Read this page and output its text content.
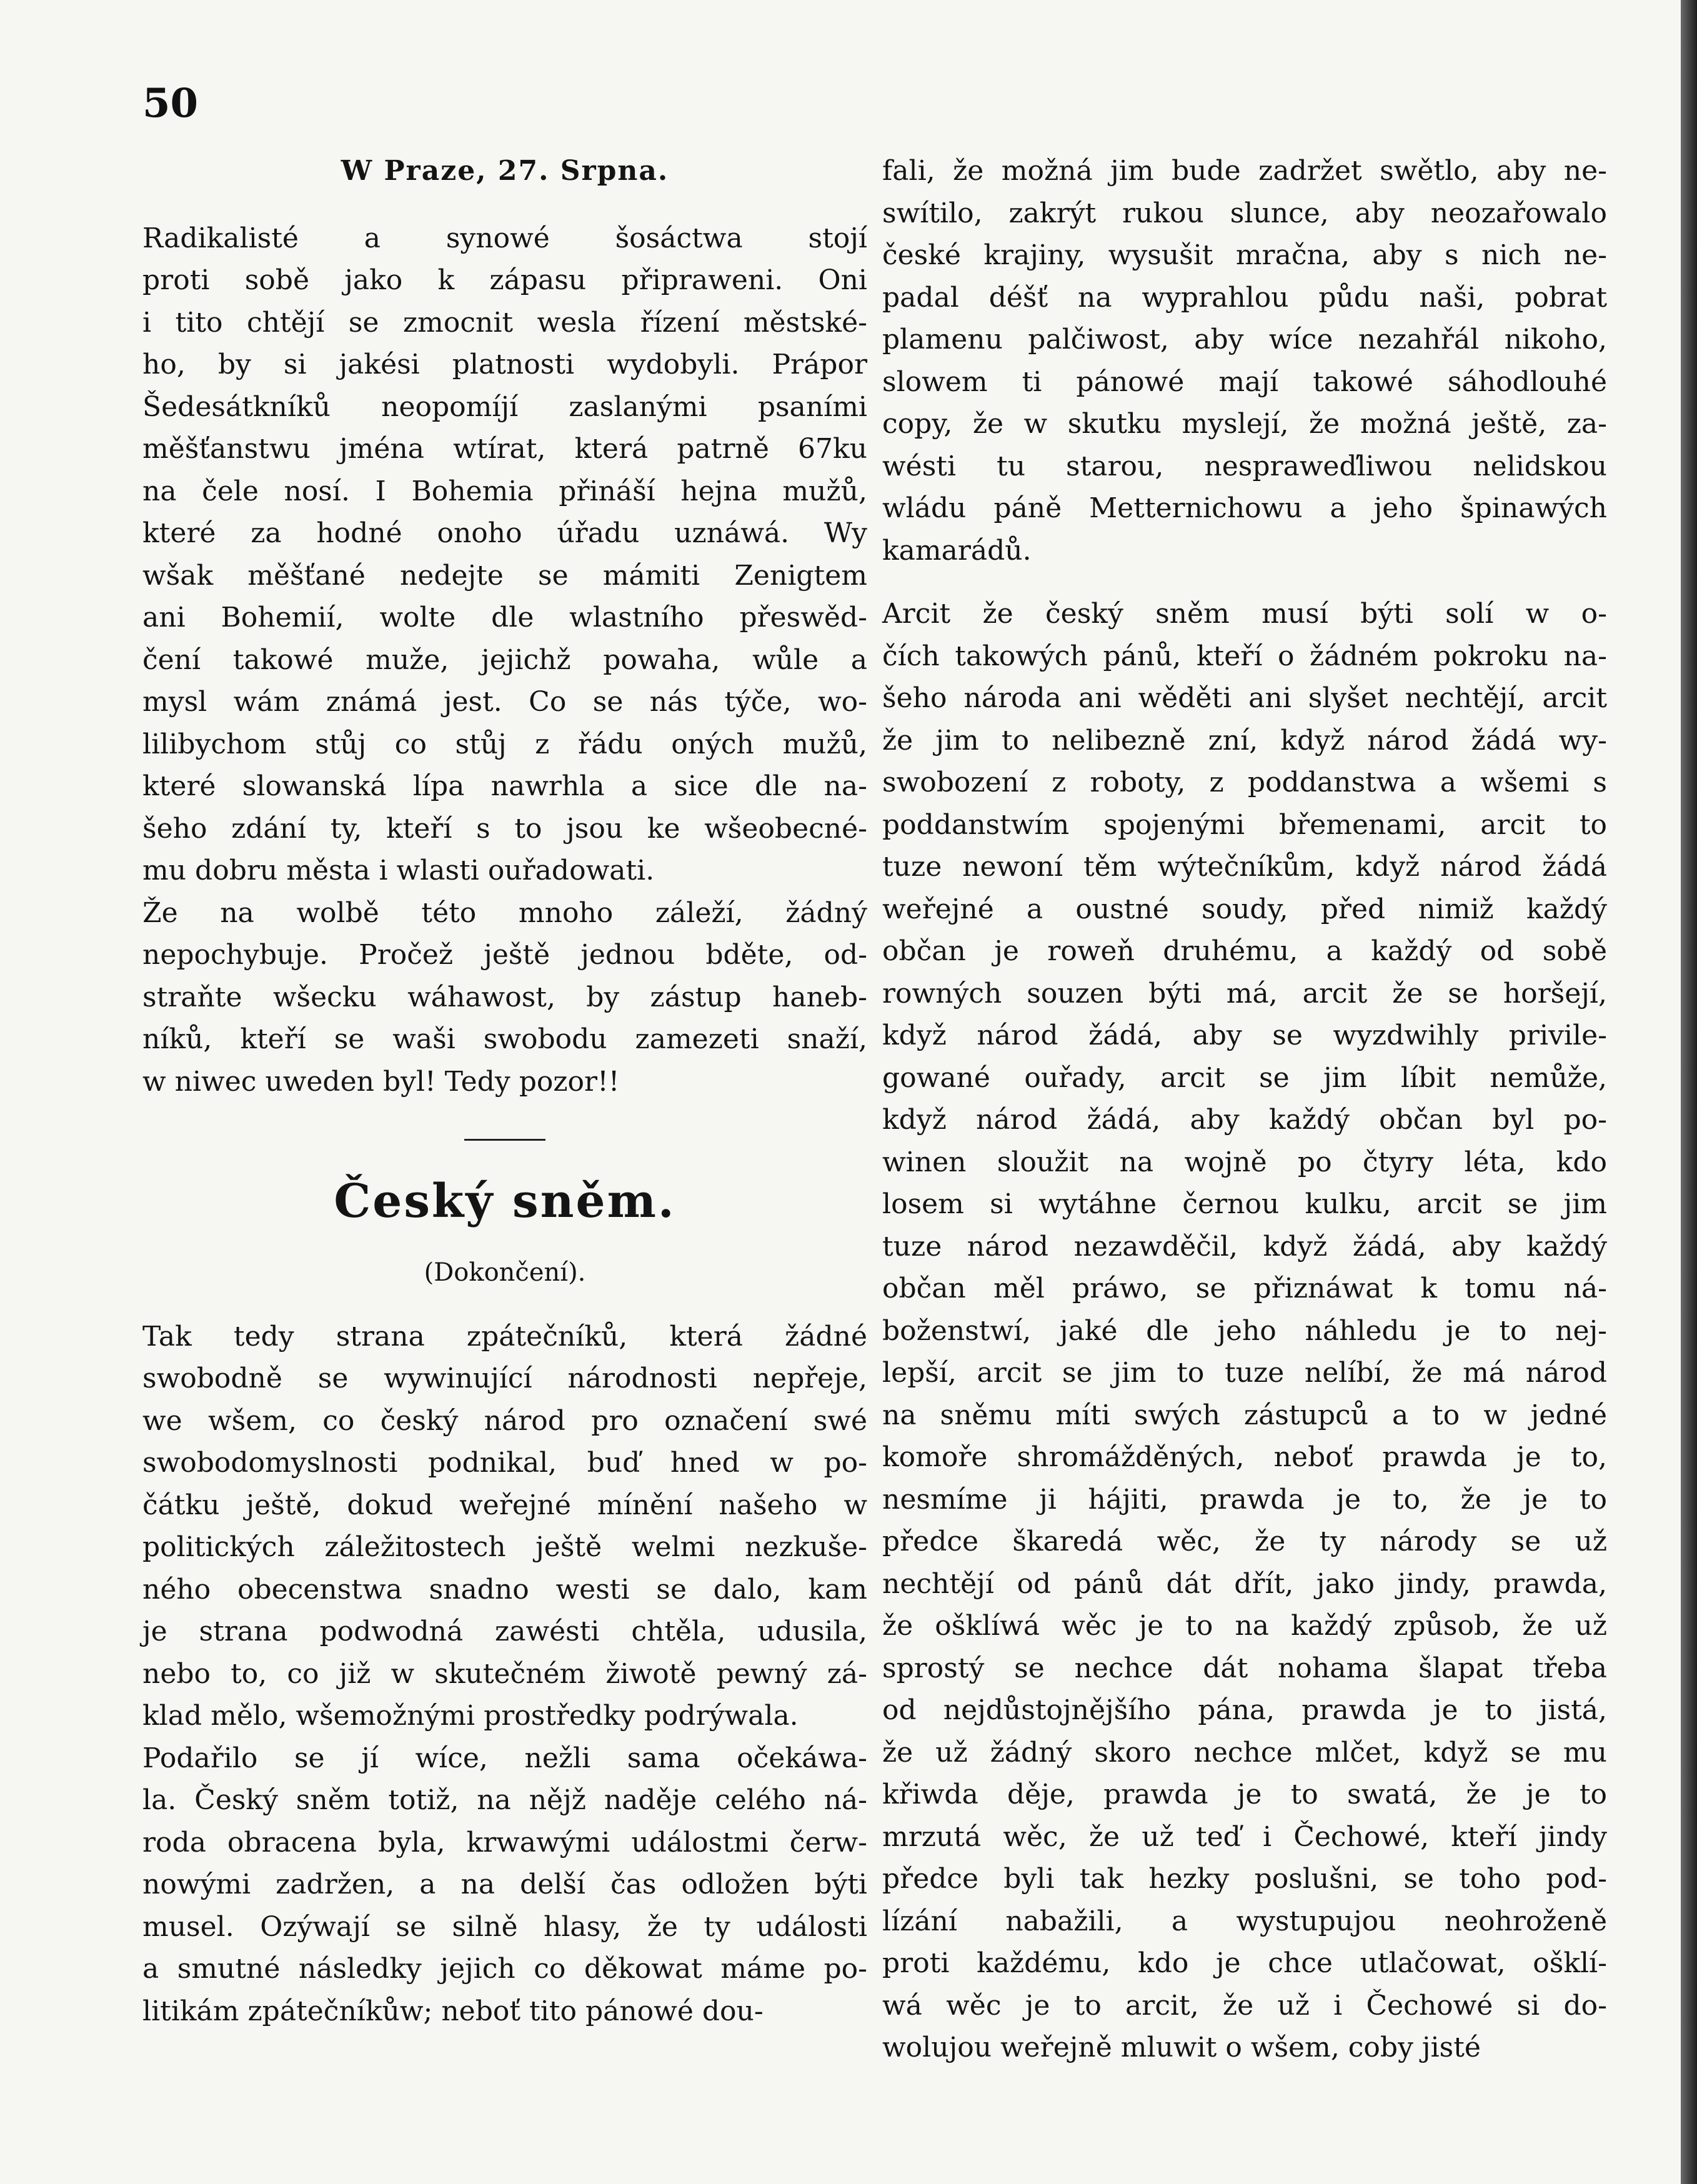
50
W Praze, 27. Srpna.

Radikalisté a synowé šosáctwa stojí
proti sobě jako k zápasu připraweni. Oni
i tito chtějí se zmocnit wesla řízení městské-
ho, by si jakési platnosti wydobyli. Prápor
Šedesátkníků neopomíjí zaslanými psaními
měšťanstwu jména wtírat, která patrně 67ku
na čele nosí. I Bohemia přináší hejna mužů,
které za hodné onoho úřadu uznáwá. Wy
wšak měšťané nedejte se mámiti Zenigtem
ani Bohemií, wolte dle wlastního přeswěd-
čení takowé muže, jejichž powaha, wůle a
mysl wám známá jest. Co se nás týče, wo-
lilibychom stůj co stůj z řádu oných mužů,
které slowanská lípa nawrhla a sice dle na-
šeho zdání ty, kteří s to jsou ke wšeobecné-
mu dobru města i wlasti ouřadowati.

Že na wolbě této mnoho záleží, žádný
nepochybuje. Pročež ještě jednou bděte, od-
straňte wšecku wáhawost, by zástup haneb-
níků, kteří se waši swobodu zamezeti snaží,
w niwec uweden byl! Tedy pozor!!

Český sněm.
(Dokončení).

Tak tedy strana zpátečníků, která žádné
swobodně se wywinující národnosti nepřeje,
we wšem, co český národ pro označení swé
swobodomyslnosti podnikal, buď hned w po-
čátku ještě, dokud weřejné mínění našeho w
politických záležitostech ještě welmi nezkuše-
ného obecenstwa snadno westi se dalo, kam
je strana podwodná zawésti chtěla, udusila,
nebo to, co již w skutečném žiwotě pewný zá-
klad mělo, wšemožnými prostředky podrýwala.

Podařilo se jí wíce, nežli sama očekáwa-
la. Český sněm totiž, na nějž naděje celého ná-
roda obracena byla, krwawými událostmi čerw-
nowými zadržen, a na delší čas odložen býti
musel. Ozýwají se silně hlasy, že ty události
a smutné následky jejich co děkowat máme po-
litikám zpátečníkůw; neboť tito pánowé dou-

fali, že možná jim bude zadržet swětlo, aby ne-
swítilo, zakrýt rukou slunce, aby neozařowalo
české krajiny, wysušit mračna, aby s nich ne-
padal déšť na wyprahlou půdu naši, pobrat
plamenu palčiwost, aby wíce nezahřál nikoho,
slowem ti pánowé mají takowé sáhodlouhé
copy, že w skutku myslejí, že možná ještě, za-
wésti tu starou, nespraweďliwou nelidskou
wládu páně Metternichowu a jeho špinawých
kamarádů.

Arcit že český sněm musí býti solí w o-
čích takowých pánů, kteří o žádném pokroku na-
šeho národa ani wěděti ani slyšet nechtějí, arcit
že jim to nelibezně zní, když národ žádá wy-
swobození z roboty, z poddanstwa a wšemi s
poddanstwím spojenými břemenami, arcit to
tuze newoní těm wýtečníkům, když národ žádá
weřejné a oustné soudy, před nimiž každý
občan je roweň druhému, a každý od sobě
rowných souzen býti má, arcit že se horšejí,
když národ žádá, aby se wyzdwihly privile-
gowané ouřady, arcit se jim líbit nemůže,
když národ žádá, aby každý občan byl po-
winen sloužit na wojně po čtyry léta, kdo
losem si wytáhne černou kulku, arcit se jim
tuze národ nezawděčil, když žádá, aby každý
občan měl práwo, se přiznáwat k tomu ná-
boženstwí, jaké dle jeho náhledu je to nej-
lepší, arcit se jim to tuze nelíbí, že má národ
na sněmu míti swých zástupců a to w jedné
komoře shromážděných, neboť prawda je to,
nesmíme ji hájiti, prawda je to, že je to
předce škaredá wěc, že ty národy se už
nechtějí od pánů dát dřít, jako jindy, prawda,
že ošklíwá wěc je to na každý způsob, že už
sprostý se nechce dát nohama šlapat třeba
od nejdůstojnějšího pána, prawda je to jistá,
že už žádný skoro nechce mlčet, když se mu
křiwda děje, prawda je to swatá, že je to
mrzutá wěc, že už teď i Čechowé, kteří jindy
předce byli tak hezky poslušni, se toho pod-
lízání nabažili, a wystupujou neohroženě
proti každému, kdo je chce utlačowat, ošklí-
wá wěc je to arcit, že už i Čechowé si do-
wolujou weřejně mluwit o wšem, coby jisté
